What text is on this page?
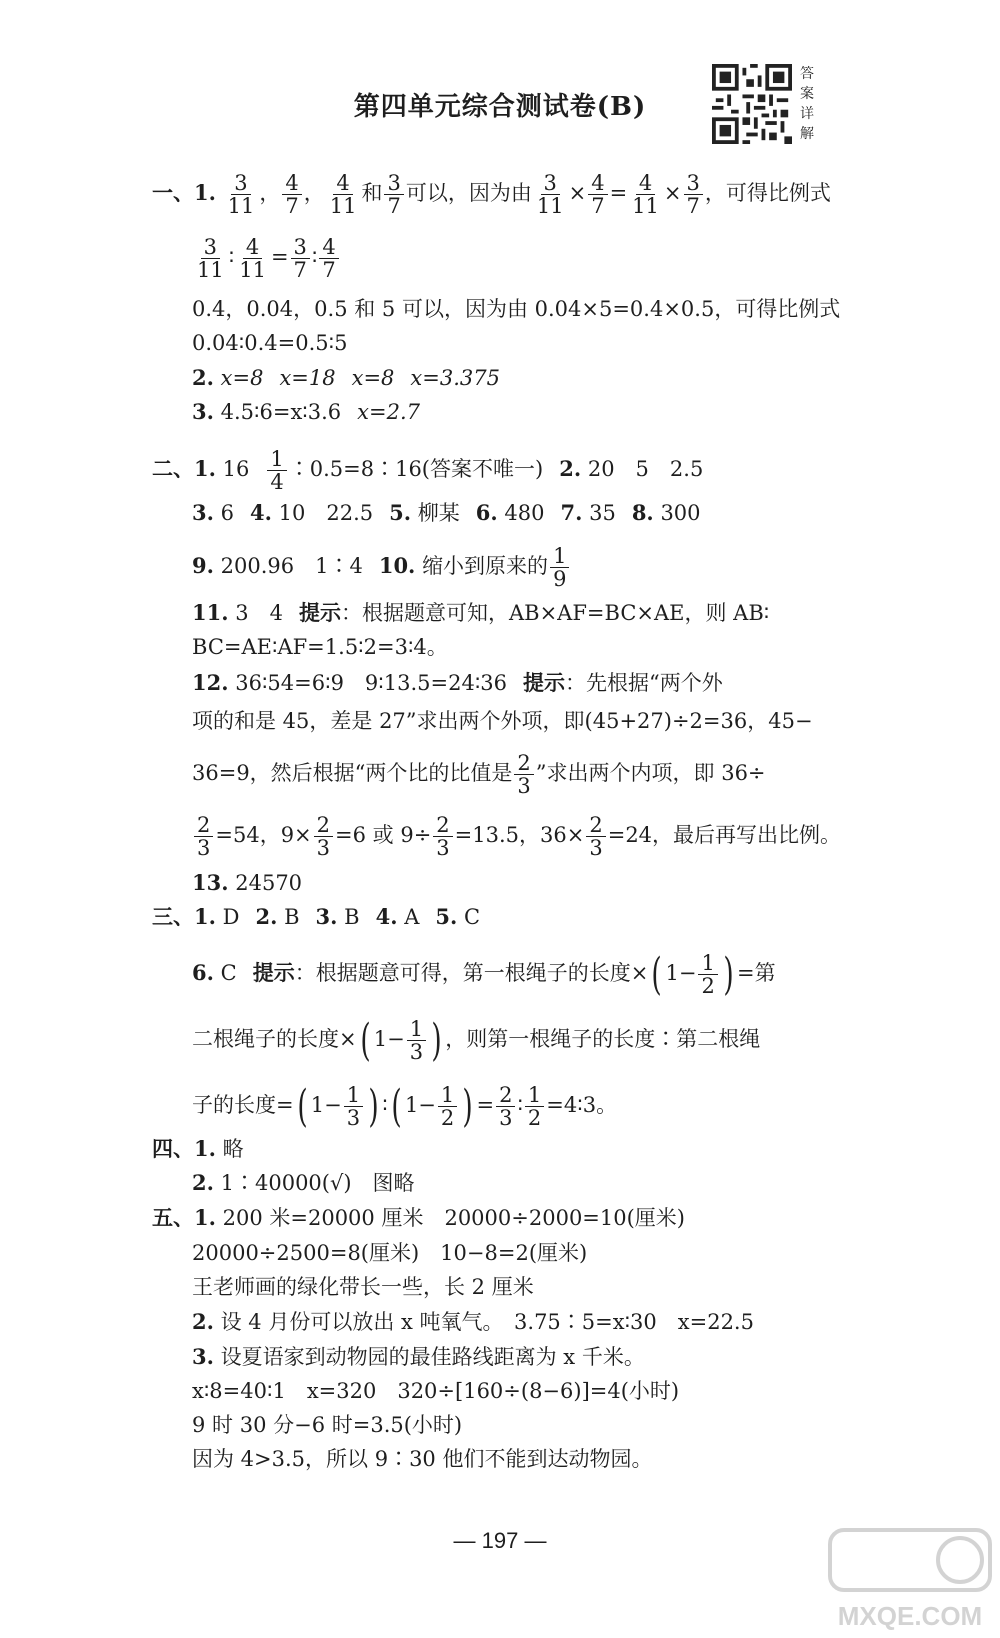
第四单元综合测试卷(B)
答案详解
一、1. $\frac{3}{11}$ ， $\frac{4}{7}$ ， $\frac{4}{11}$ 和 $\frac{3}{7}$ 可以，因为由 $\frac{3}{11} \times \frac{4}{7} = \frac{4}{11} \times \frac{3}{7}$ ，可得比例式
$\frac{3}{11}$ ∶ $\frac{4}{11} = \frac{3}{7}$ ∶ $\frac{4}{7}$
0.4，0.04，0.5 和 5 可以，因为由 0.04×5=0.4×0.5，可得比例式
0.04∶0.4=0.5∶5
2. x=8 x=18 x=8 x=3.375
3. 4.5∶6=x∶3.6 x=2.7
二、1. $16 \frac{1}{4}$ ∶0.5=8∶16(答案不唯一) 2. 20　5　2.5
3. 6 4. 10　22.5 5. 柳某 6. 480 7. 35 8. 300
9. 200.96　1∶4 10. 缩小到原来的 $\frac{1}{9}$
11. 3　4 提示：根据题意可知，AB×AF=BC×AE，则 AB∶
BC=AE∶AF=1.5∶2=3∶4。
12. 36∶54=6∶9　9∶13.5=24∶36 提示：先根据“两个外
项的和是 45，差是 27”求出两个外项，即(45+27)÷2=36，45−
36=9，然后根据“两个比的比值是 $\frac{2}{3}$ ”求出两个内项，即 36÷
$\frac{2}{3} =54$，$9\times \frac{2}{3} =6$ 或 $9\div \frac{2}{3} =13.5$，$36\times \frac{2}{3} =24$，最后再写出比例。
13. 24570
三、1. D 2. B 3. B 4. A 5. C
6. C 提示：根据题意可得，第一根绳子的长度×( $1- \frac{1}{2}$ ) =第
二根绳子的长度×( $1- \frac{1}{3}$ ) ，则第一根绳子的长度∶第二根绳
子的长度=( $1- \frac{1}{3}$ ) ∶( $1- \frac{1}{2}$ ) = $\frac{2}{3}$ ∶ $\frac{1}{2}$ =4∶3。
四、1. 略
2. 1∶40000(√)　图略
五、1. 200 米=20000 厘米　20000÷2000=10(厘米)
20000÷2500=8(厘米)　10−8=2(厘米)
王老师画的绿化带长一些，长 2 厘米
2. 设 4 月份可以放出 x 吨氧气。　3.75∶5=x∶30　x=22.5
3. 设夏语家到动物园的最佳路线距离为 x 千米。
x∶8=40∶1　x=320　320÷[160÷(8−6)]=4(小时)
9 时 30 分−6 时=3.5(小时)
因为 4>3.5，所以 9∶30 他们不能到达动物园。
— 197 —
MXQE.COM
